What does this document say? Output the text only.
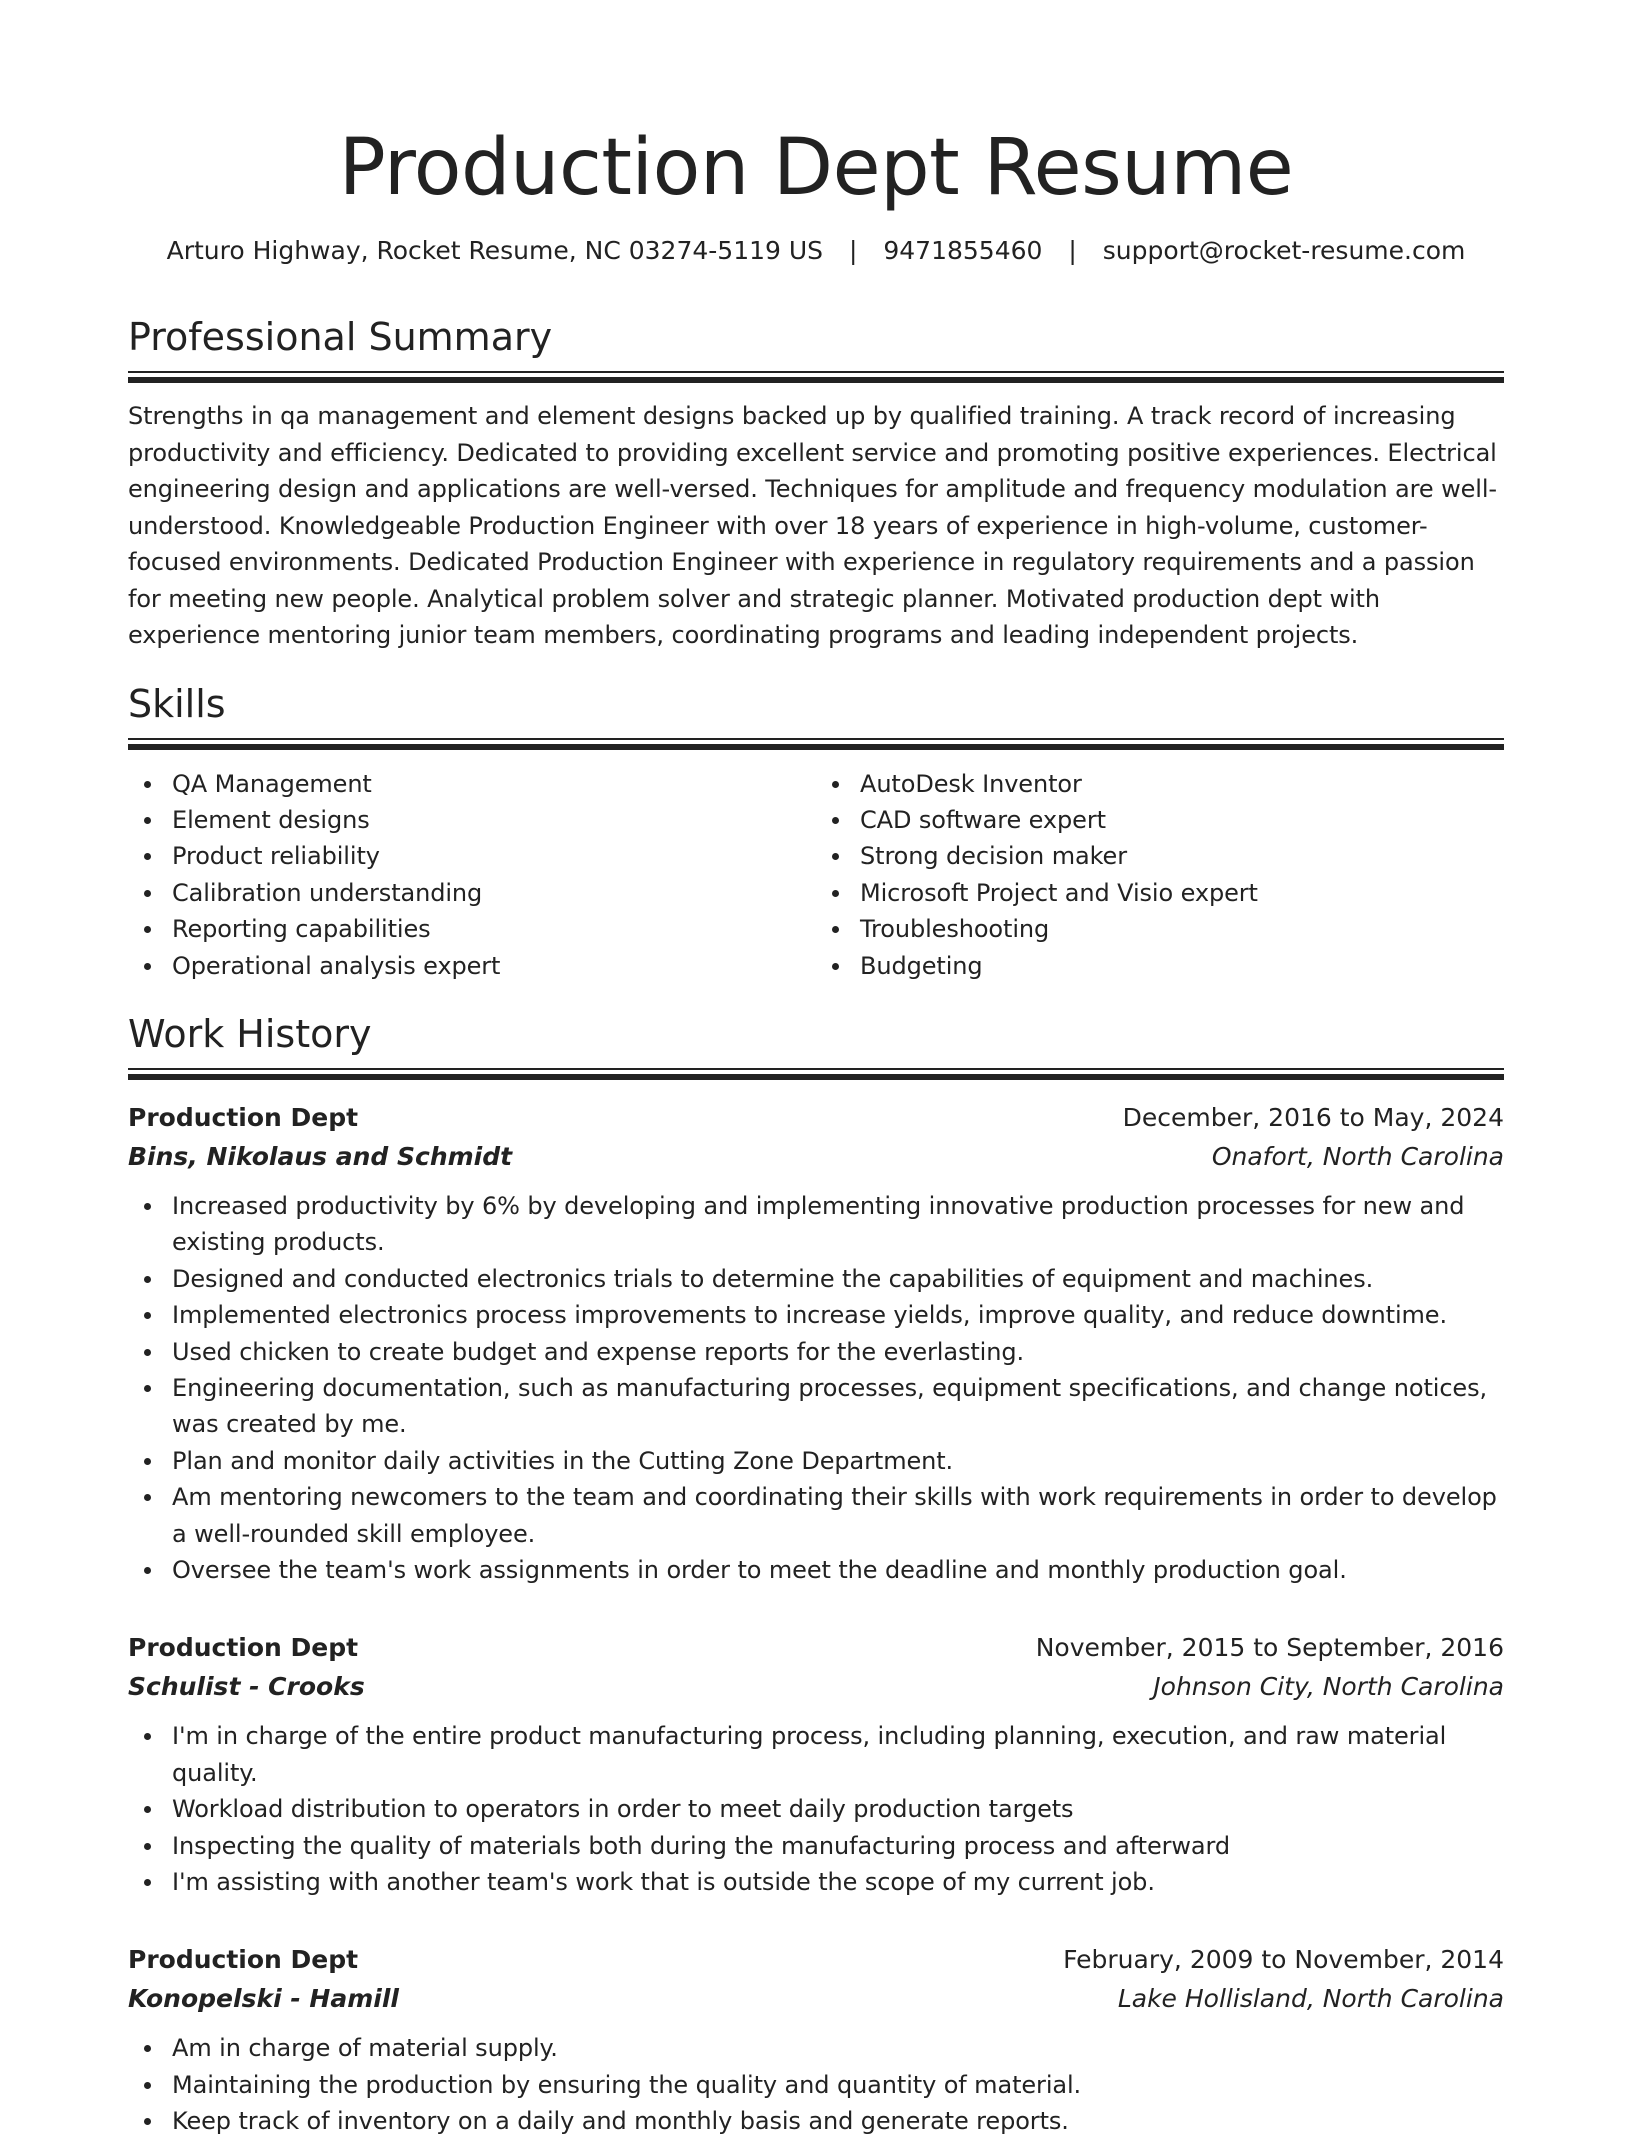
Production Dept Resume
Arturo Highway, Rocket Resume, NC 03274-5119 US | 9471855460 | support@rocket-resume.com
Professional Summary
Strengths in qa management and element designs backed up by qualified training. A track record of increasing productivity and efficiency. Dedicated to providing excellent service and promoting positive experiences. Electrical engineering design and applications are well-versed. Techniques for amplitude and frequency modulation are well-understood. Knowledgeable Production Engineer with over 18 years of experience in high-volume, customer-focused environments. Dedicated Production Engineer with experience in regulatory requirements and a passion for meeting new people. Analytical problem solver and strategic planner. Motivated production dept with experience mentoring junior team members, coordinating programs and leading independent projects.
Skills
QA Management
Element designs
Product reliability
Calibration understanding
Reporting capabilities
Operational analysis expert
AutoDesk Inventor
CAD software expert
Strong decision maker
Microsoft Project and Visio expert
Troubleshooting
Budgeting
Work History
Production Dept	December, 2016 to May, 2024
Bins, Nikolaus and Schmidt	Onafort, North Carolina
Increased productivity by 6% by developing and implementing innovative production processes for new and existing products.
Designed and conducted electronics trials to determine the capabilities of equipment and machines.
Implemented electronics process improvements to increase yields, improve quality, and reduce downtime.
Used chicken to create budget and expense reports for the everlasting.
Engineering documentation, such as manufacturing processes, equipment specifications, and change notices, was created by me.
Plan and monitor daily activities in the Cutting Zone Department.
Am mentoring newcomers to the team and coordinating their skills with work requirements in order to develop a well-rounded skill employee.
Oversee the team's work assignments in order to meet the deadline and monthly production goal.
Production Dept	November, 2015 to September, 2016
Schulist - Crooks	Johnson City, North Carolina
I'm in charge of the entire product manufacturing process, including planning, execution, and raw material quality.
Workload distribution to operators in order to meet daily production targets
Inspecting the quality of materials both during the manufacturing process and afterward
I'm assisting with another team's work that is outside the scope of my current job.
Production Dept	February, 2009 to November, 2014
Konopelski - Hamill	Lake Hollisland, North Carolina
Am in charge of material supply.
Maintaining the production by ensuring the quality and quantity of material.
Keep track of inventory on a daily and monthly basis and generate reports.
